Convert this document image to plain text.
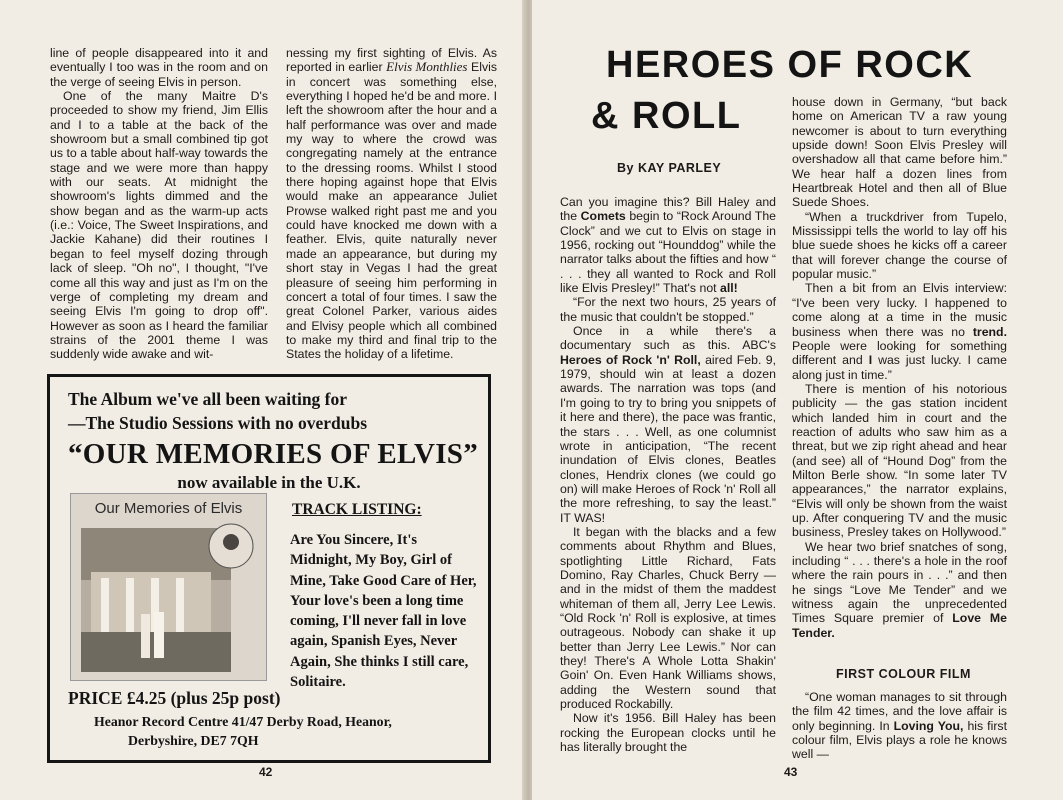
line of people disappeared into it and eventually I too was in the room and on the verge of seeing Elvis in person.

One of the many Maitre D's proceeded to show my friend, Jim Ellis and I to a table at the back of the showroom but a small combined tip got us to a table about half-way towards the stage and we were more than happy with our seats. At midnight the showroom's lights dimmed and the show began and as the warm-up acts (i.e.: Voice, The Sweet Inspirations, and Jackie Kahane) did their routines I began to feel myself dozing through lack of sleep. "Oh no", I thought, "I've come all this way and just as I'm on the verge of completing my dream and seeing Elvis I'm going to drop off". However as soon as I heard the familiar strains of the 2001 theme I was suddenly wide awake and wit-

nessing my first sighting of Elvis. As reported in earlier Elvis Monthlies Elvis in concert was something else, everything I hoped he'd be and more. I left the showroom after the hour and a half performance was over and made my way to where the crowd was congregating namely at the entrance to the dressing rooms. Whilst I stood there hoping against hope that Elvis would make an appearance Juliet Prowse walked right past me and you could have knocked me down with a feather. Elvis, quite naturally never made an appearance, but during my short stay in Vegas I had the great pleasure of seeing him performing in concert a total of four times. I saw the great Colonel Parker, various aides and Elvisy people which all combined to make my third and final trip to the States the holiday of a lifetime.

The Album we've all been waiting for
—The Studio Sessions with no overdubs
“OUR MEMORIES OF ELVIS”
now available in the U.K.
Our Memories of Elvis	TRACK LISTING:
Are You Sincere, It's Midnight, My Boy, Girl of Mine, Take Good Care of Her, Your love's been a long time coming, I'll never fall in love again, Spanish Eyes, Never Again, She thinks I still care, Solitaire.
PRICE £4.25 (plus 25p post)
Heanor Record Centre 41/47 Derby Road, Heanor,
Derbyshire, DE7 7QH
42	43
HEROES OF ROCK
& ROLL
By KAY PARLEY

Can you imagine this? Bill Haley and the Comets begin to “Rock Around The Clock” and we cut to Elvis on stage in 1956, rocking out “Hounddog” while the narrator talks about the fifties and how “ . . . they all wanted to Rock and Roll like Elvis Presley!” That's not all!

“For the next two hours, 25 years of the music that couldn't be stopped.”

Once in a while there's a documentary such as this. ABC's Heroes of Rock 'n' Roll, aired Feb. 9, 1979, should win at least a dozen awards. The narration was tops (and I'm going to try to bring you snippets of it here and there), the pace was frantic, the stars . . . Well, as one columnist wrote in anticipation, “The recent inundation of Elvis clones, Beatles clones, Hendrix clones (we could go on) will make Heroes of Rock 'n' Roll all the more refreshing, to say the least.” IT WAS!

It began with the blacks and a few comments about Rhythm and Blues, spotlighting Little Richard, Fats Domino, Ray Charles, Chuck Berry — and in the midst of them the maddest whiteman of them all, Jerry Lee Lewis. “Old Rock 'n' Roll is explosive, at times outrageous. Nobody can shake it up better than Jerry Lee Lewis.” Nor can they! There's A Whole Lotta Shakin' Goin' On. Even Hank Williams shows, adding the Western sound that produced Rockabilly.

Now it's 1956. Bill Haley has been rocking the European clocks until he has literally brought the

house down in Germany, “but back home on American TV a raw young newcomer is about to turn everything upside down! Soon Elvis Presley will overshadow all that came before him.” We hear half a dozen lines from Heartbreak Hotel and then all of Blue Suede Shoes.

“When a truckdriver from Tupelo, Mississippi tells the world to lay off his blue suede shoes he kicks off a career that will forever change the course of popular music.”

Then a bit from an Elvis interview: “I've been very lucky. I happened to come along at a time in the music business when there was no trend. People were looking for something different and I was just lucky. I came along just in time.”

There is mention of his notorious publicity — the gas station incident which landed him in court and the reaction of adults who saw him as a threat, but we zip right ahead and hear (and see) all of “Hound Dog” from the Milton Berle show. “In some later TV appearances,” the narrator explains, “Elvis will only be shown from the waist up. After conquering TV and the music business, Presley takes on Hollywood.”

We hear two brief snatches of song, including “ . . . there's a hole in the roof where the rain pours in . . .” and then he sings “Love Me Tender” and we witness again the unprecedented Times Square premier of Love Me Tender.

FIRST COLOUR FILM

“One woman manages to sit through the film 42 times, and the love affair is only beginning. In Loving You, his first colour film, Elvis plays a role he knows well —
